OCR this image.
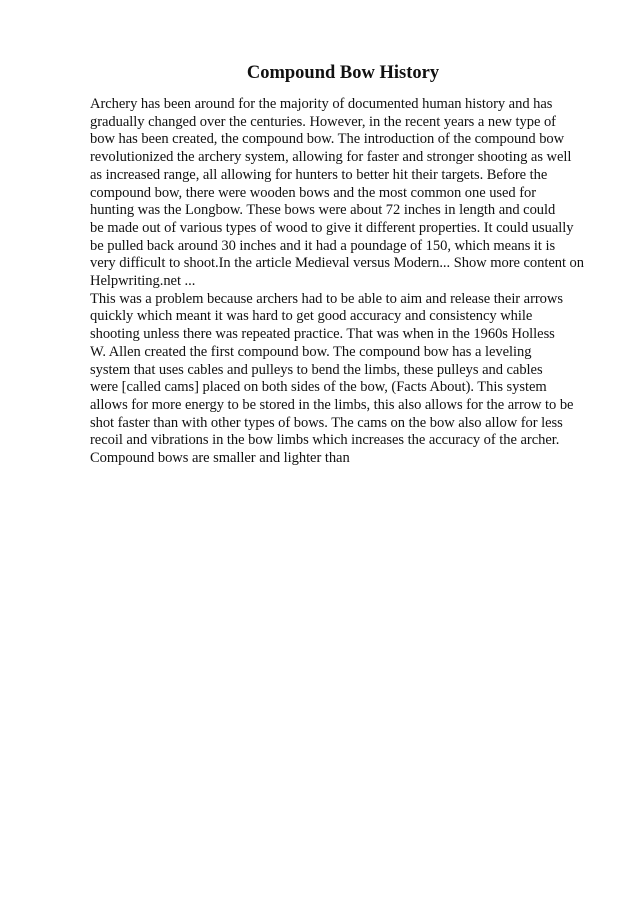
Compound Bow History
Archery has been around for the majority of documented human history and has
gradually changed over the centuries. However, in the recent years a new type of
bow has been created, the compound bow. The introduction of the compound bow
revolutionized the archery system, allowing for faster and stronger shooting as well
as increased range, all allowing for hunters to better hit their targets. Before the
compound bow, there were wooden bows and the most common one used for
hunting was the Longbow. These bows were about 72 inches in length and could
be made out of various types of wood to give it different properties. It could usually
be pulled back around 30 inches and it had a poundage of 150, which means it is
very difficult to shoot.In the article Medieval versus Modern... Show more content on
Helpwriting.net ...
This was a problem because archers had to be able to aim and release their arrows
quickly which meant it was hard to get good accuracy and consistency while
shooting unless there was repeated practice. That was when in the 1960s Holless
W. Allen created the first compound bow. The compound bow has a leveling
system that uses cables and pulleys to bend the limbs, these pulleys and cables
were [called cams] placed on both sides of the bow, (Facts About). This system
allows for more energy to be stored in the limbs, this also allows for the arrow to be
shot faster than with other types of bows. The cams on the bow also allow for less
recoil and vibrations in the bow limbs which increases the accuracy of the archer.
Compound bows are smaller and lighter than
